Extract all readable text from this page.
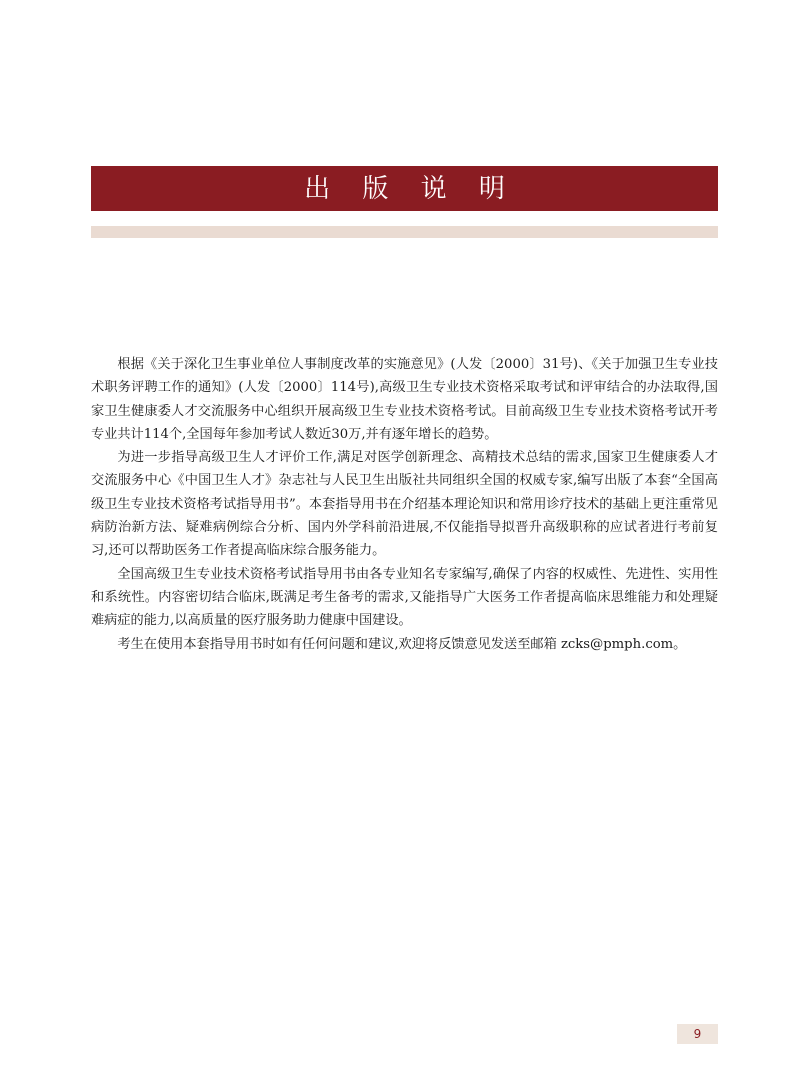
出 版 说 明

根据《关于深化卫生事业单位人事制度改革的实施意见》(人发〔2000〕31号)、《关于加强卫生专业技术职务评聘工作的通知》(人发〔2000〕114号),高级卫生专业技术资格采取考试和评审结合的办法取得,国家卫生健康委人才交流服务中心组织开展高级卫生专业技术资格考试。目前高级卫生专业技术资格考试开考专业共计114个,全国每年参加考试人数近30万,并有逐年增长的趋势。

为进一步指导高级卫生人才评价工作,满足对医学创新理念、高精技术总结的需求,国家卫生健康委人才交流服务中心《中国卫生人才》杂志社与人民卫生出版社共同组织全国的权威专家,编写出版了本套“全国高级卫生专业技术资格考试指导用书”。本套指导用书在介绍基本理论知识和常用诊疗技术的基础上更注重常见病防治新方法、疑难病例综合分析、国内外学科前沿进展,不仅能指导拟晋升高级职称的应试者进行考前复习,还可以帮助医务工作者提高临床综合服务能力。

全国高级卫生专业技术资格考试指导用书由各专业知名专家编写,确保了内容的权威性、先进性、实用性和系统性。内容密切结合临床,既满足考生备考的需求,又能指导广大医务工作者提高临床思维能力和处理疑难病症的能力,以高质量的医疗服务助力健康中国建设。

考生在使用本套指导用书时如有任何问题和建议,欢迎将反馈意见发送至邮箱 zcks@pmph.com。

9
